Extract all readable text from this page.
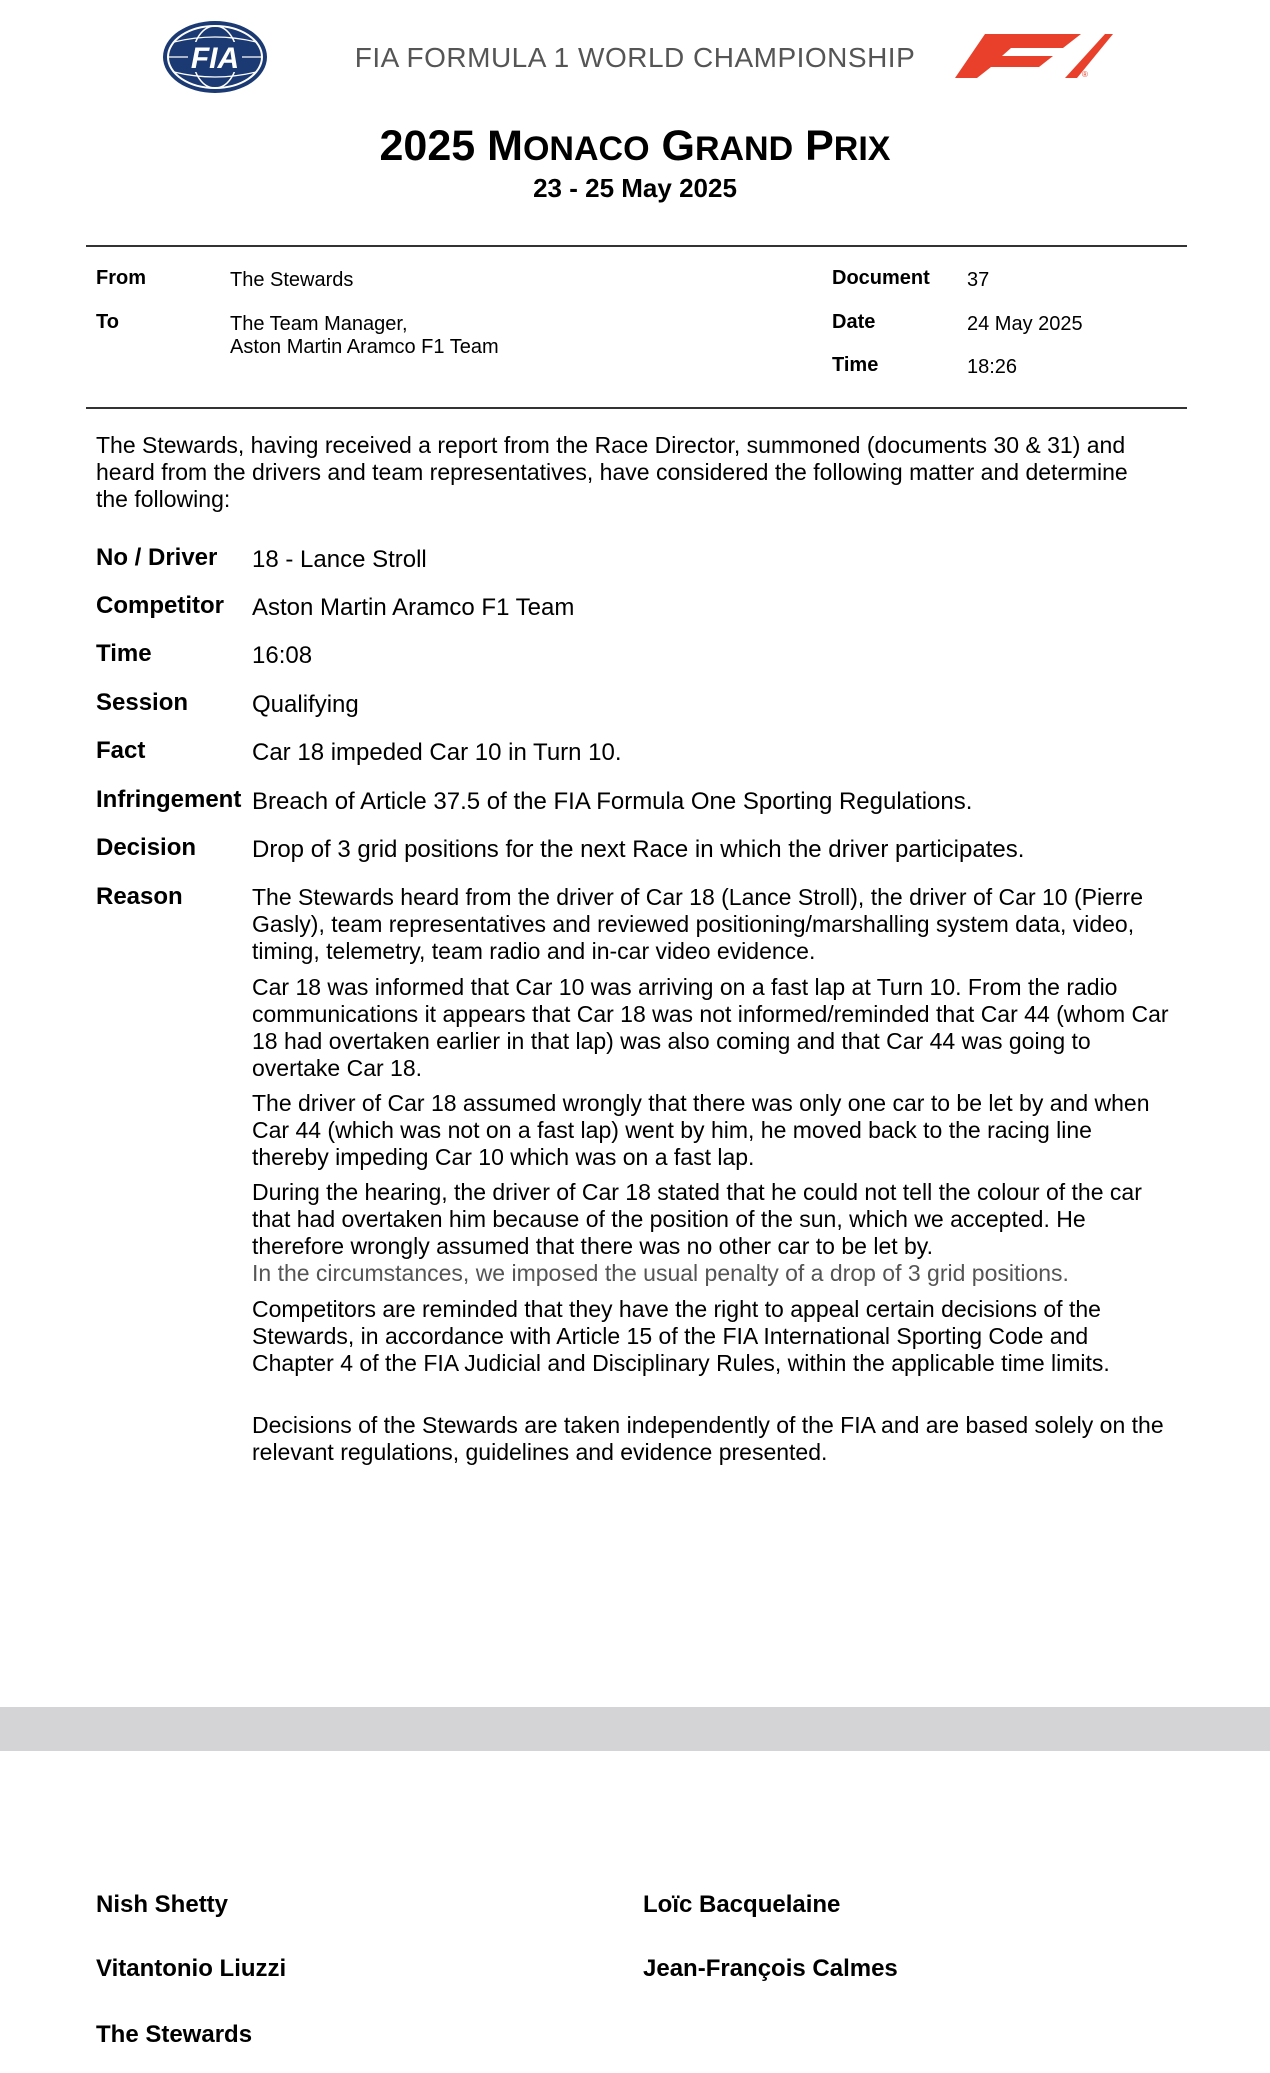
FIA	FIA FORMULA 1 WORLD CHAMPIONSHIP
®
2025 MONACO GRAND PRIX
23 - 25 May 2025
From	The Stewards
To	The Team Manager,
Aston Martin Aramco F1 Team
Document 37
Date	24 May 2025
Time	18:26
The Stewards, having received a report from the Race Director, summoned (documents 30 & 31) and heard from the drivers and team representatives, have considered the following matter and determine the following:
No / Driver 18 - Lance Stroll
Competitor Aston Martin Aramco F1 Team
Time	16:08
Session	Qualifying
Fact	Car 18 impeded Car 10 in Turn 10.
Infringement Breach of Article 37.5 of the FIA Formula One Sporting Regulations.
Decision Drop of 3 grid positions for the next Race in which the driver participates.
Reason	The Stewards heard from the driver of Car 18 (Lance Stroll), the driver of Car 10 (Pierre Gasly), team representatives and reviewed positioning/marshalling system data, video, timing, telemetry, team radio and in-car video evidence.
Car 18 was informed that Car 10 was arriving on a fast lap at Turn 10. From the radio communications it appears that Car 18 was not informed/reminded that Car 44 (whom Car 18 had overtaken earlier in that lap) was also coming and that Car 44 was going to overtake Car 18.
The driver of Car 18 assumed wrongly that there was only one car to be let by and when Car 44 (which was not on a fast lap) went by him, he moved back to the racing line thereby impeding Car 10 which was on a fast lap.
During the hearing, the driver of Car 18 stated that he could not tell the colour of the car that had overtaken him because of the position of the sun, which we accepted. He therefore wrongly assumed that there was no other car to be let by.
In the circumstances, we imposed the usual penalty of a drop of 3 grid positions.
Competitors are reminded that they have the right to appeal certain decisions of the Stewards, in accordance with Article 15 of the FIA International Sporting Code and Chapter 4 of the FIA Judicial and Disciplinary Rules, within the applicable time limits.
Decisions of the Stewards are taken independently of the FIA and are based solely on the relevant regulations, guidelines and evidence presented.
Nish Shetty	Loïc Bacquelaine
Vitantonio Liuzzi	Jean-François Calmes
The Stewards
